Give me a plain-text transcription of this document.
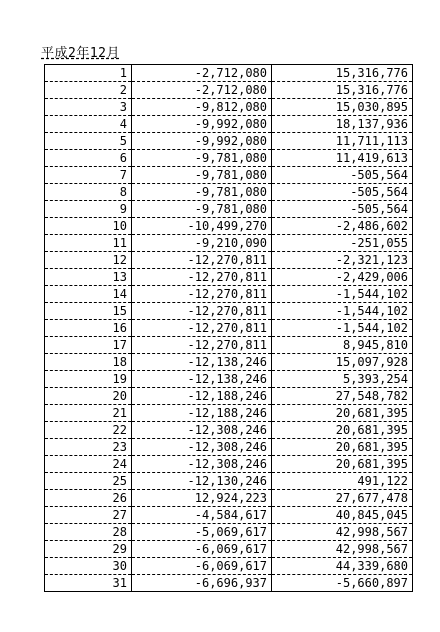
平成2年12月
1	-2,712,080	15,316,776
2	-2,712,080	15,316,776
3	-9,812,080	15,030,895
4	-9,992,080	18,137,936
5	-9,992,080	11,711,113
6	-9,781,080	11,419,613
7	-9,781,080	-505,564
8	-9,781,080	-505,564
9	-9,781,080	-505,564
10	-10,499,270	-2,486,602
11	-9,210,090	-251,055
12	-12,270,811	-2,321,123
13	-12,270,811	-2,429,006
14	-12,270,811	-1,544,102
15	-12,270,811	-1,544,102
16	-12,270,811	-1,544,102
17	-12,270,811	8,945,810
18	-12,138,246	15,097,928
19	-12,138,246	5,393,254
20	-12,188,246	27,548,782
21	-12,188,246	20,681,395
22	-12,308,246	20,681,395
23	-12,308,246	20,681,395
24	-12,308,246	20,681,395
25	-12,130,246	491,122
26	12,924,223	27,677,478
27	-4,584,617	40,845,045
28	-5,069,617	42,998,567
29	-6,069,617	42,998,567
30	-6,069,617	44,339,680
31	-6,696,937	-5,660,897
